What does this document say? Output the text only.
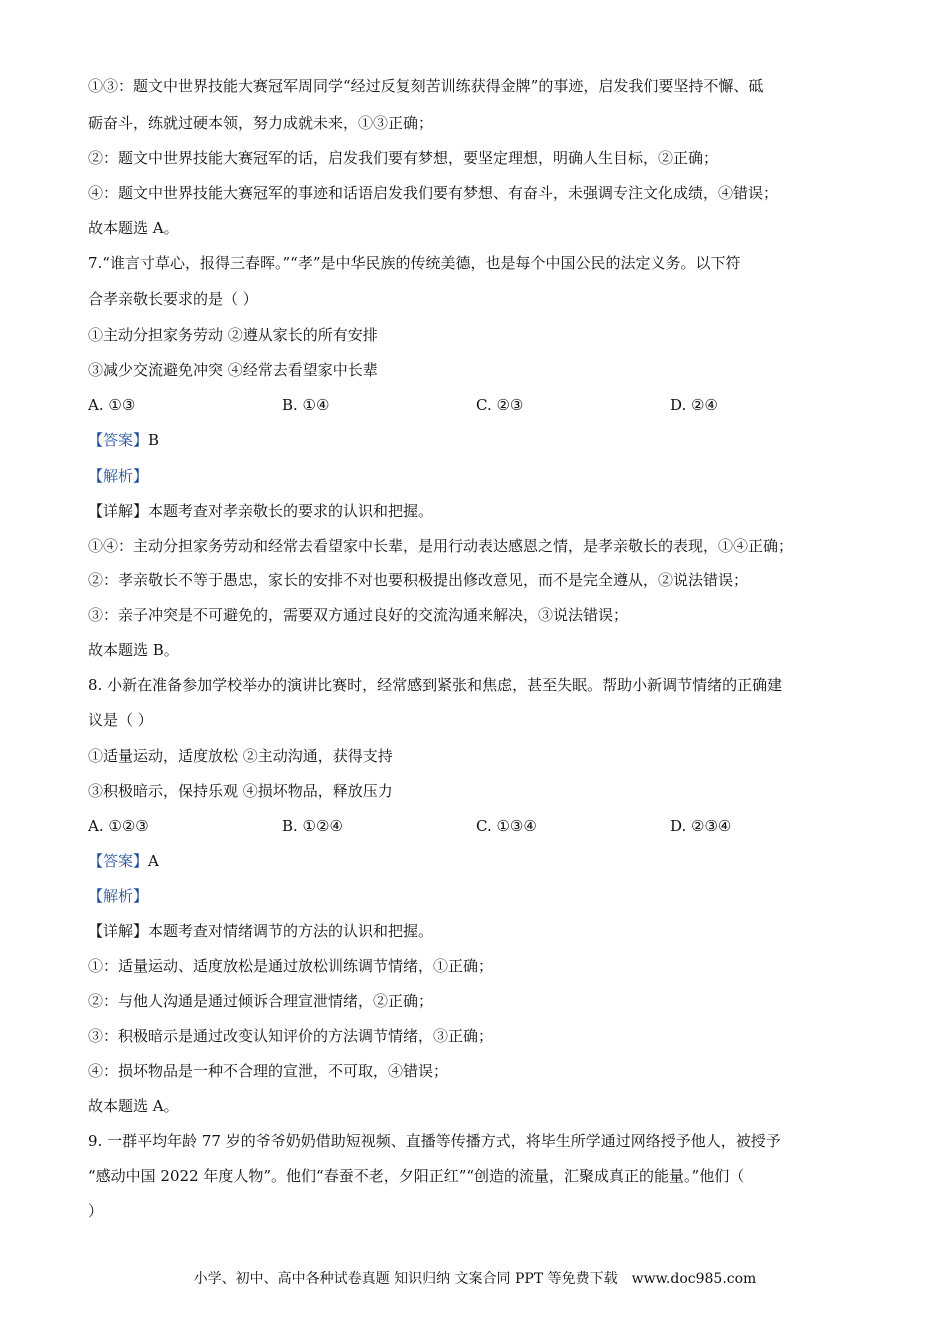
①③：题文中世界技能大赛冠军周同学“经过反复刻苦训练获得金牌”的事迹，启发我们要坚持不懈、砥
砺奋斗，练就过硬本领，努力成就未来，①③正确；
②：题文中世界技能大赛冠军的话，启发我们要有梦想，要坚定理想，明确人生目标，②正确；
④：题文中世界技能大赛冠军的事迹和话语启发我们要有梦想、有奋斗，未强调专注文化成绩，④错误；
故本题选 A。
7.“谁言寸草心，报得三春晖。”“孝”是中华民族的传统美德，也是每个中国公民的法定义务。以下符
合孝亲敬长要求的是（ ）
①主动分担家务劳动 ②遵从家长的所有安排
③减少交流避免冲突 ④经常去看望家中长辈
A. ①③	B. ①④	C. ②③	D. ②④
【答案】B
【解析】
【详解】本题考查对孝亲敬长的要求的认识和把握。
①④：主动分担家务劳动和经常去看望家中长辈，是用行动表达感恩之情，是孝亲敬长的表现，①④正确；
②：孝亲敬长不等于愚忠，家长的安排不对也要积极提出修改意见，而不是完全遵从，②说法错误；
③：亲子冲突是不可避免的，需要双方通过良好的交流沟通来解决，③说法错误；
故本题选 B。
8. 小新在准备参加学校举办的演讲比赛时，经常感到紧张和焦虑，甚至失眠。帮助小新调节情绪的正确建
议是（ ）
①适量运动，适度放松 ②主动沟通，获得支持
③积极暗示，保持乐观 ④损坏物品，释放压力
A. ①②③	B. ①②④	C. ①③④	D. ②③④
【答案】A
【解析】
【详解】本题考查对情绪调节的方法的认识和把握。
①：适量运动、适度放松是通过放松训练调节情绪，①正确；
②：与他人沟通是通过倾诉合理宣泄情绪，②正确；
③：积极暗示是通过改变认知评价的方法调节情绪，③正确；
④：损坏物品是一种不合理的宣泄，不可取，④错误；
故本题选 A。
9. 一群平均年龄 77 岁的爷爷奶奶借助短视频、直播等传播方式，将毕生所学通过网络授予他人，被授予
“感动中国 2022 年度人物”。他们“春蚕不老，夕阳正红”“创造的流量，汇聚成真正的能量。”他们（
）
小学、初中、高中各种试卷真题 知识归纳 文案合同 PPT 等免费下载 www.doc985.com
